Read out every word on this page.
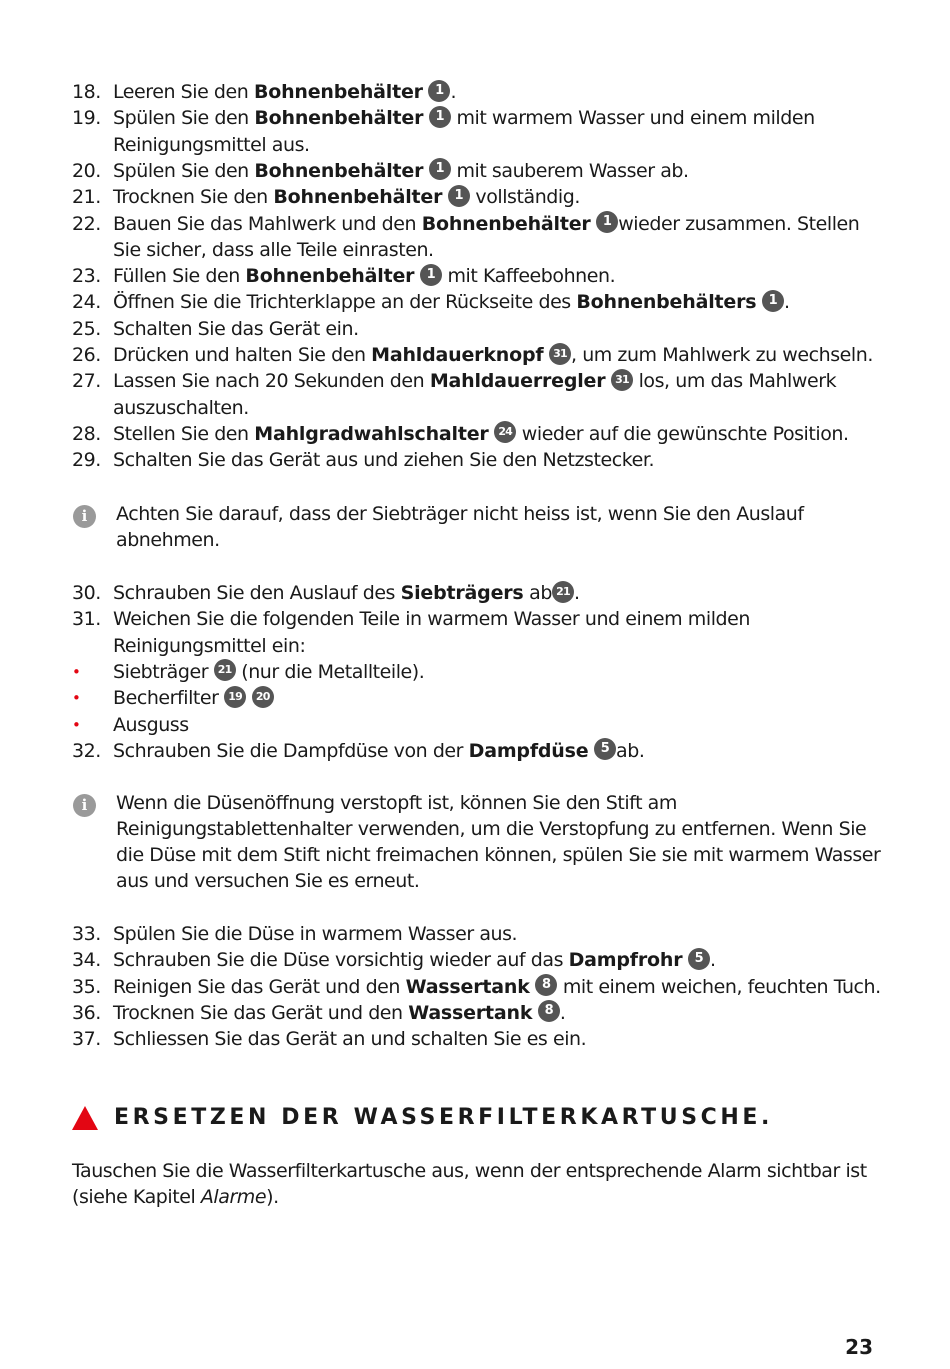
18. Leeren Sie den Bohnenbehälter 1 .
19. Spülen Sie den Bohnenbehälter 1 mit warmem Wasser und einem milden
Reinigungsmittel aus.
20. Spülen Sie den Bohnenbehälter 1 mit sauberem Wasser ab.
21. Trocknen Sie den Bohnenbehälter 1 vollständig.
22. Bauen Sie das Mahlwerk und den Bohnenbehälter 1 wieder zusammen. Stellen
Sie sicher, dass alle Teile einrasten.
23. Füllen Sie den Bohnenbehälter 1 mit Kaffeebohnen.
24. Öffnen Sie die Trichterklappe an der Rückseite des Bohnenbehälters 1 .
25. Schalten Sie das Gerät ein.
26. Drücken und halten Sie den Mahldauerknopf 31 , um zum Mahlwerk zu wechseln.
27. Lassen Sie nach 20 Sekunden den Mahldauerregler 31 los, um das Mahlwerk
auszuschalten.
28. Stellen Sie den Mahlgradwahlschalter 24 wieder auf die gewünschte Position.
29. Schalten Sie das Gerät aus und ziehen Sie den Netzstecker.
i	Achten Sie darauf, dass der Siebträger nicht heiss ist, wenn Sie den Auslauf
abnehmen.
30. Schrauben Sie den Auslauf des Siebträgers ab 21 .
31. Weichen Sie die folgenden Teile in warmem Wasser und einem milden
Reinigungsmittel ein:
• Siebträger 21 (nur die Metallteile).
• Becherfilter 19 20
• Ausguss
32. Schrauben Sie die Dampfdüse von der Dampfdüse 5 ab.
i	Wenn die Düsenöffnung verstopft ist, können Sie den Stift am
Reinigungstablettenhalter verwenden, um die Verstopfung zu entfernen. Wenn Sie
die Düse mit dem Stift nicht freimachen können, spülen Sie sie mit warmem Wasser
aus und versuchen Sie es erneut.
33. Spülen Sie die Düse in warmem Wasser aus.
34. Schrauben Sie die Düse vorsichtig wieder auf das Dampfrohr 5 .
35. Reinigen Sie das Gerät und den Wassertank 8 mit einem weichen, feuchten Tuch.
36. Trocknen Sie das Gerät und den Wassertank 8 .
37. Schliessen Sie das Gerät an und schalten Sie es ein.
ERSETZEN DER WASSERFILTERKARTUSCHE.
Tauschen Sie die Wasserfilterkartusche aus, wenn der entsprechende Alarm sichtbar ist
(siehe Kapitel Alarme).
23
